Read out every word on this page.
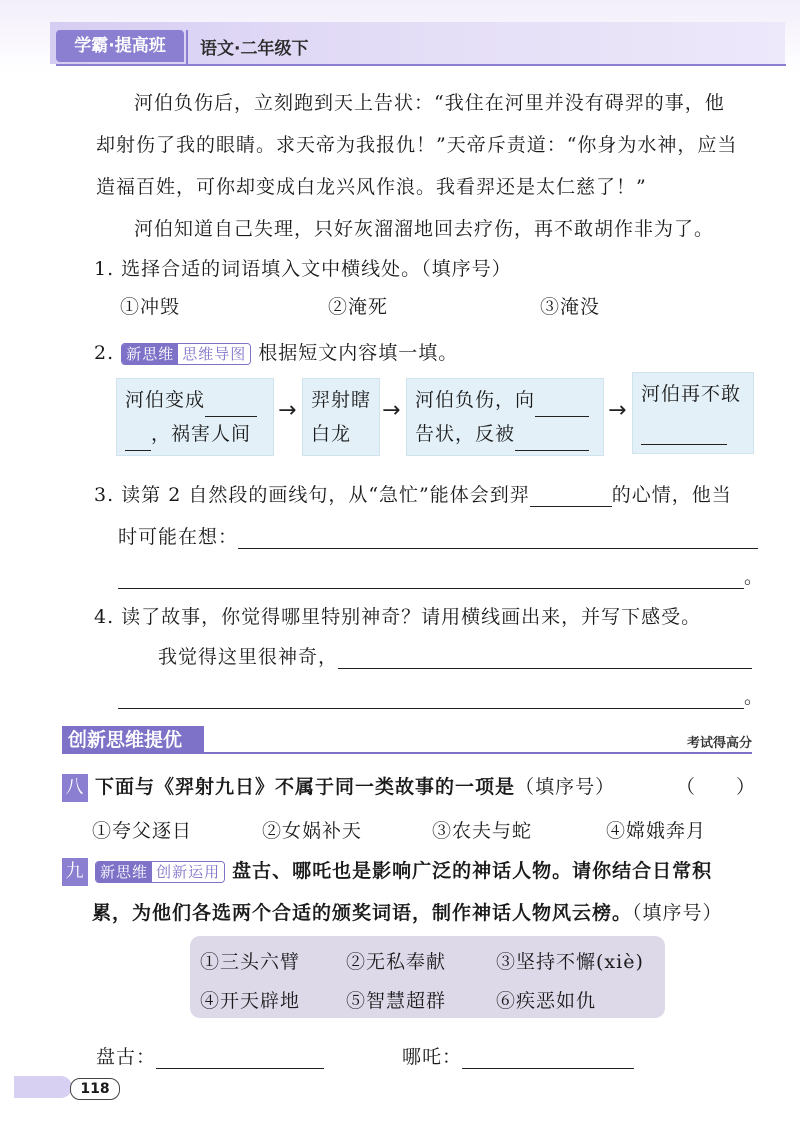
学霸·提高班	语文·二年级下
河伯负伤后，立刻跑到天上告状：“我住在河里并没有碍羿的事，他
却射伤了我的眼睛。求天帝为我报仇！”天帝斥责道：“你身为水神，应当
造福百姓，可你却变成白龙兴风作浪。我看羿还是太仁慈了！”
河伯知道自己失理，只好灰溜溜地回去疗伤，再不敢胡作非为了。
1. 选择合适的词语填入文中横线处。（填序号）
①冲毁	②淹死	③淹没
2. 新思维 思维导图 根据短文内容填一填。
河伯变成
，祸害人间
→ 羿射瞎
白龙
→ 河伯负伤，向
告状，反被
→
河伯再不敢
3. 读第 2 自然段的画线句，从“急忙”能体会到羿	的心情，他当
时可能在想：
。
4. 读了故事，你觉得哪里特别神奇？请用横线画出来，并写下感受。
我觉得这里很神奇，
。
创新思维提优	考试得高分
八 下面与《羿射九日》不属于同一类故事的一项是（填序号）	（　　）
①夸父逐日	②女娲补天	③农夫与蛇	④嫦娥奔月
九 新思维 创新运用 盘古、哪吒也是影响广泛的神话人物。请你结合日常积
累，为他们各选两个合适的颁奖词语，制作神话人物风云榜。（填序号）
①三头六臂 ②无私奉献	③坚持不懈(xiè)
④开天辟地 ⑤智慧超群	⑥疾恶如仇
盘古：	哪吒：
118
